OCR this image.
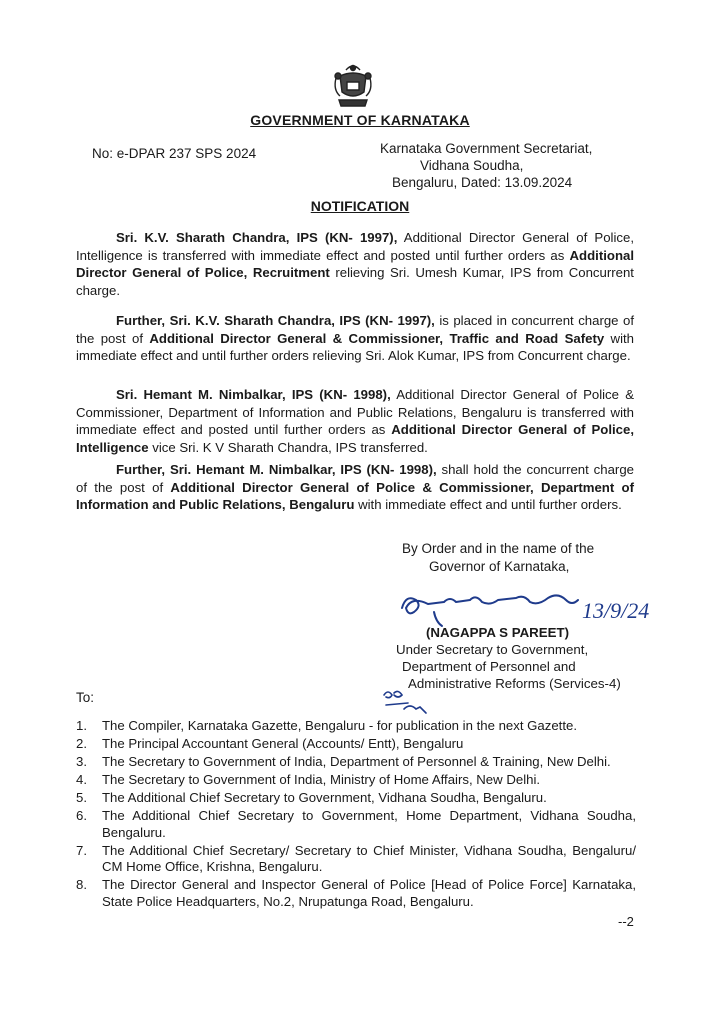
GOVERNMENT OF KARNATAKA
No: e-DPAR 237 SPS 2024	Karnataka Government Secretariat,
Vidhana Soudha,
Bengaluru, Dated: 13.09.2024
NOTIFICATION
Sri. K.V. Sharath Chandra, IPS (KN- 1997), Additional Director General of Police, Intelligence is transferred with immediate effect and posted until further orders as Additional Director General of Police, Recruitment relieving Sri. Umesh Kumar, IPS from Concurrent charge.
Further, Sri. K.V. Sharath Chandra, IPS (KN- 1997), is placed in concurrent charge of the post of Additional Director General & Commissioner, Traffic and Road Safety with immediate effect and until further orders relieving Sri. Alok Kumar, IPS from Concurrent charge.
Sri. Hemant M. Nimbalkar, IPS (KN- 1998), Additional Director General of Police & Commissioner, Department of Information and Public Relations, Bengaluru is transferred with immediate effect and posted until further orders as Additional Director General of Police, Intelligence vice Sri. K V Sharath Chandra, IPS transferred.
Further, Sri. Hemant M. Nimbalkar, IPS (KN- 1998), shall hold the concurrent charge of the post of Additional Director General of Police & Commissioner, Department of Information and Public Relations, Bengaluru with immediate effect and until further orders.
By Order and in the name of the
Governor of Karnataka,
13/9/24
(NAGAPPA S PAREET)
Under Secretary to Government,
Department of Personnel and
Administrative Reforms (Services-4)
To:
1. The Compiler, Karnataka Gazette, Bengaluru - for publication in the next Gazette.
2. The Principal Accountant General (Accounts/ Entt), Bengaluru
3. The Secretary to Government of India, Department of Personnel & Training, New Delhi.
4. The Secretary to Government of India, Ministry of Home Affairs, New Delhi.
5. The Additional Chief Secretary to Government, Vidhana Soudha, Bengaluru.
6. The Additional Chief Secretary to Government, Home Department, Vidhana Soudha, Bengaluru.
7. The Additional Chief Secretary/ Secretary to Chief Minister, Vidhana Soudha, Bengaluru/ CM Home Office, Krishna, Bengaluru.
8. The Director General and Inspector General of Police [Head of Police Force] Karnataka, State Police Headquarters, No.2, Nrupatunga Road, Bengaluru.
--2
